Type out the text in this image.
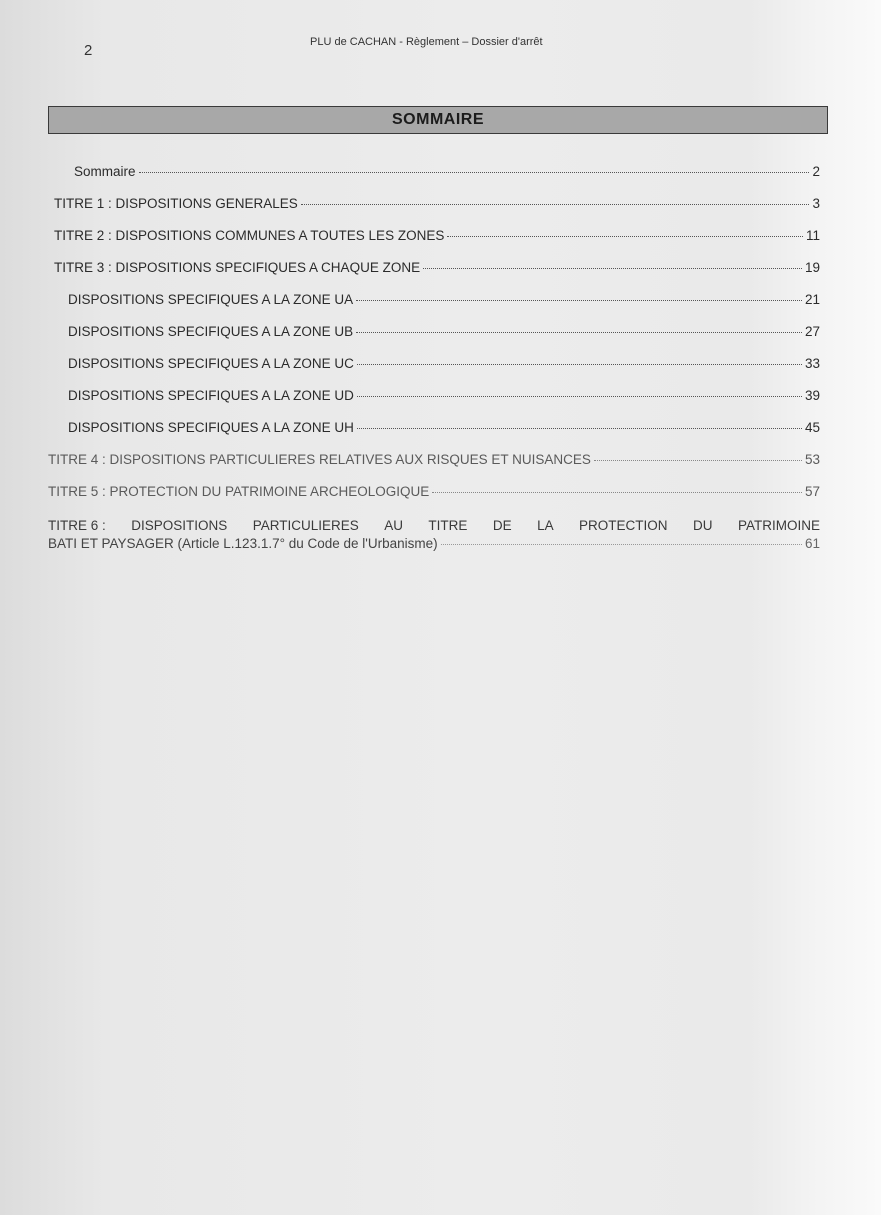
2	PLU de CACHAN - Règlement – Dossier d'arrêt
SOMMAIRE
Sommaire	2
TITRE 1 : DISPOSITIONS GENERALES	3
TITRE 2 : DISPOSITIONS COMMUNES A TOUTES LES ZONES	11
TITRE 3 : DISPOSITIONS SPECIFIQUES A CHAQUE ZONE	19
DISPOSITIONS SPECIFIQUES A LA ZONE UA	21
DISPOSITIONS SPECIFIQUES A LA ZONE UB	27
DISPOSITIONS SPECIFIQUES A LA ZONE UC	33
DISPOSITIONS SPECIFIQUES A LA ZONE UD	39
DISPOSITIONS SPECIFIQUES A LA ZONE UH	45
TITRE 4 : DISPOSITIONS PARTICULIERES RELATIVES AUX RISQUES ET NUISANCES	53
TITRE 5 : PROTECTION DU PATRIMOINE ARCHEOLOGIQUE	57
TITRE 6 : DISPOSITIONS PARTICULIERES AU TITRE DE LA PROTECTION DU PATRIMOINE
BATI ET PAYSAGER (Article L.123.1.7° du Code de l'Urbanisme)	61
